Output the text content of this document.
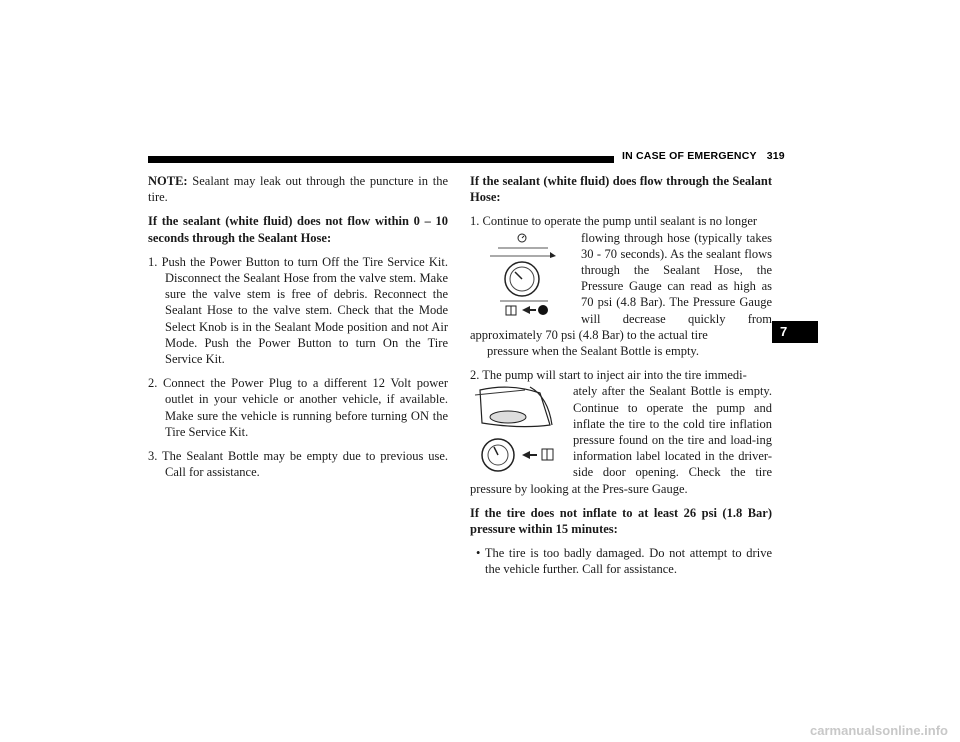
IN CASE OF EMERGENCY 319
7

NOTE: Sealant may leak out through the puncture in the tire.

If the sealant (white fluid) does not flow within 0 – 10 seconds through the Sealant Hose:

1. Push the Power Button to turn Off the Tire Service Kit. Disconnect the Sealant Hose from the valve stem. Make sure the valve stem is free of debris. Reconnect the Sealant Hose to the valve stem. Check that the Mode Select Knob is in the Sealant Mode position and not Air Mode. Push the Power Button to turn On the Tire Service Kit.

2. Connect the Power Plug to a different 12 Volt power outlet in your vehicle or another vehicle, if available. Make sure the vehicle is running before turning ON the Tire Service Kit.

3. The Sealant Bottle may be empty due to previous use. Call for assistance.

If the sealant (white fluid) does flow through the Sealant Hose:

1. Continue to operate the pump until sealant is no longer
flowing through hose (typically takes 30 - 70 seconds). As the sealant flows through the Sealant Hose, the Pressure Gauge can read as high as 70 psi (4.8 Bar). The Pressure Gauge will decrease quickly from approximately 70 psi (4.8 Bar) to the actual tire
pressure when the Sealant Bottle is empty.
2. The pump will start to inject air into the tire immedi-
ately after the Sealant Bottle is empty. Continue to operate the pump and inflate the tire to the cold tire inflation pressure found on the tire and load-ing information label located in the driver-side door opening. Check the tire pressure by looking at the Pres-sure Gauge.

If the tire does not inflate to at least 26 psi (1.8 Bar) pressure within 15 minutes:

• The tire is too badly damaged. Do not attempt to drive the vehicle further. Call for assistance.

carmanualsonline.info
